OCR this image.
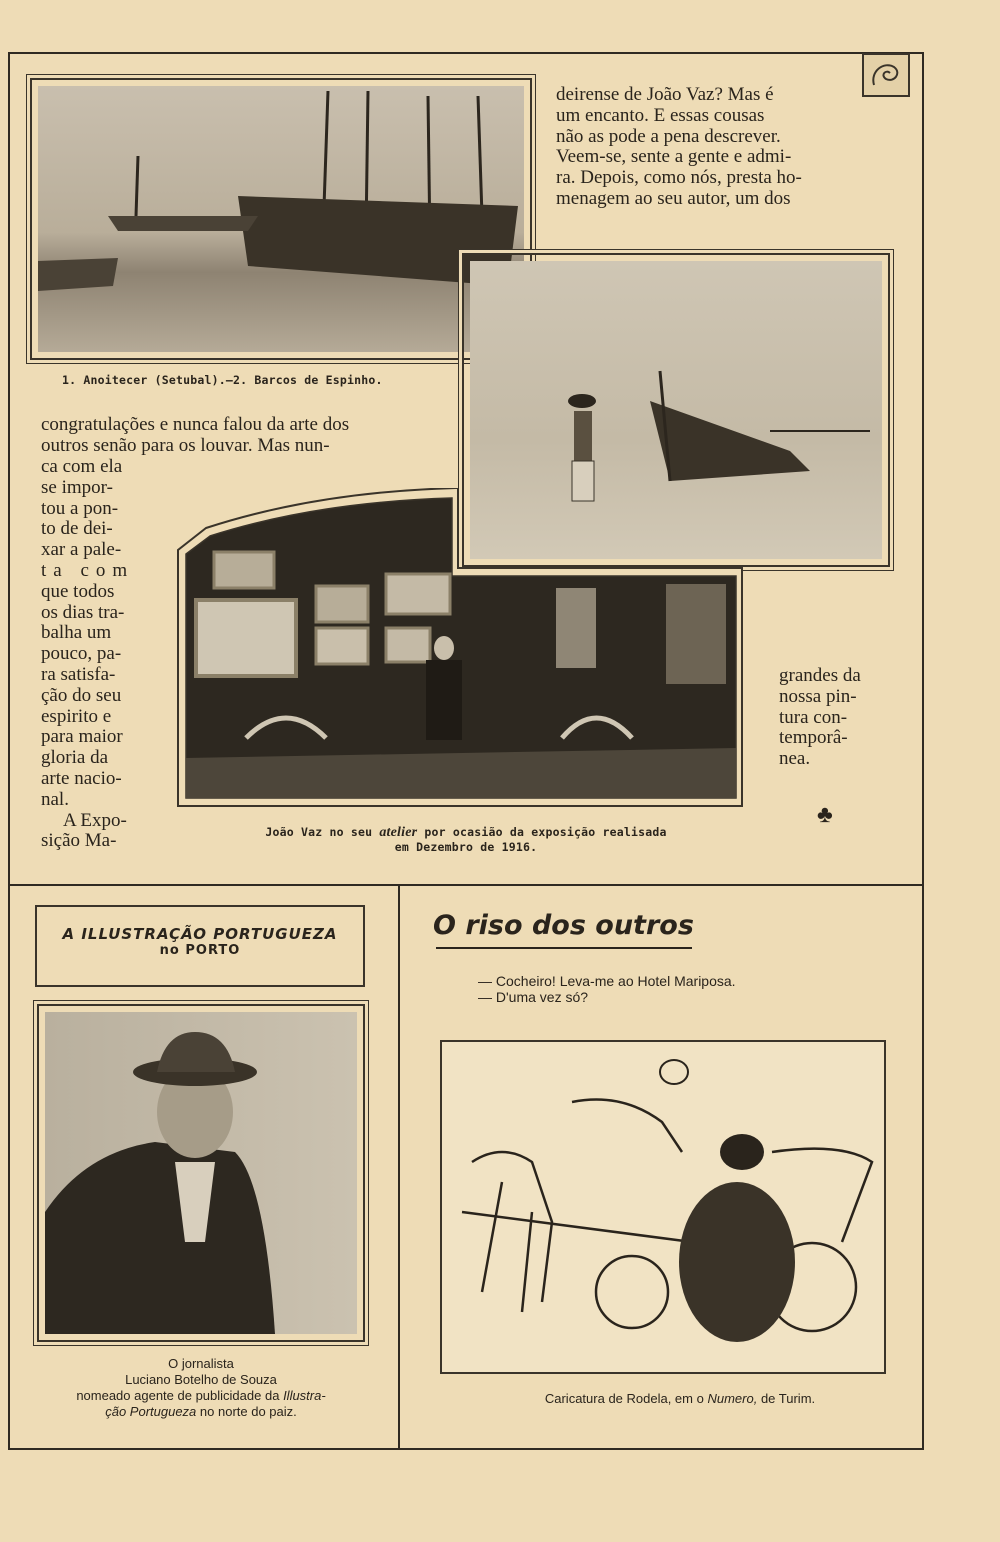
deirense de João Vaz? Mas é
um encanto. E essas cousas
não as pode a pena descrever.
Veem-se, sente a gente e admi-
ra. Depois, como nós, presta ho-
menagem ao seu autor, um dos
1. Anoitecer (Setubal).—2. Barcos de Espinho.
congratulações e nunca falou da arte dos
outros senão para os louvar. Mas nun-

ca com ela

se impor-

tou a pon-

to de dei-

xar a pale-

ta com

que todos

os dias tra-

balha um

pouco, pa-

ra satisfa-

ção do seu

espirito e

para maior

gloria da

arte nacio-

nal.

A Expo-

sição Ma-	João Vaz no seu atelier por ocasião da exposição realisada
em Dezembro de 1916.
grandes da
nossa pin-
tura con-
temporâ-
nea.
♣
A ILLUSTRAÇÃO PORTUGUEZA
no PORTO
O jornalista
Luciano Botelho de Souza
nomeado agente de publicidade da Illustra-
ção Portugueza no norte do paiz.
O riso dos outros
— Cocheiro! Leva-me ao Hotel Mariposa.
— D'uma vez só?
Caricatura de Rodela, em o Numero, de Turim.
